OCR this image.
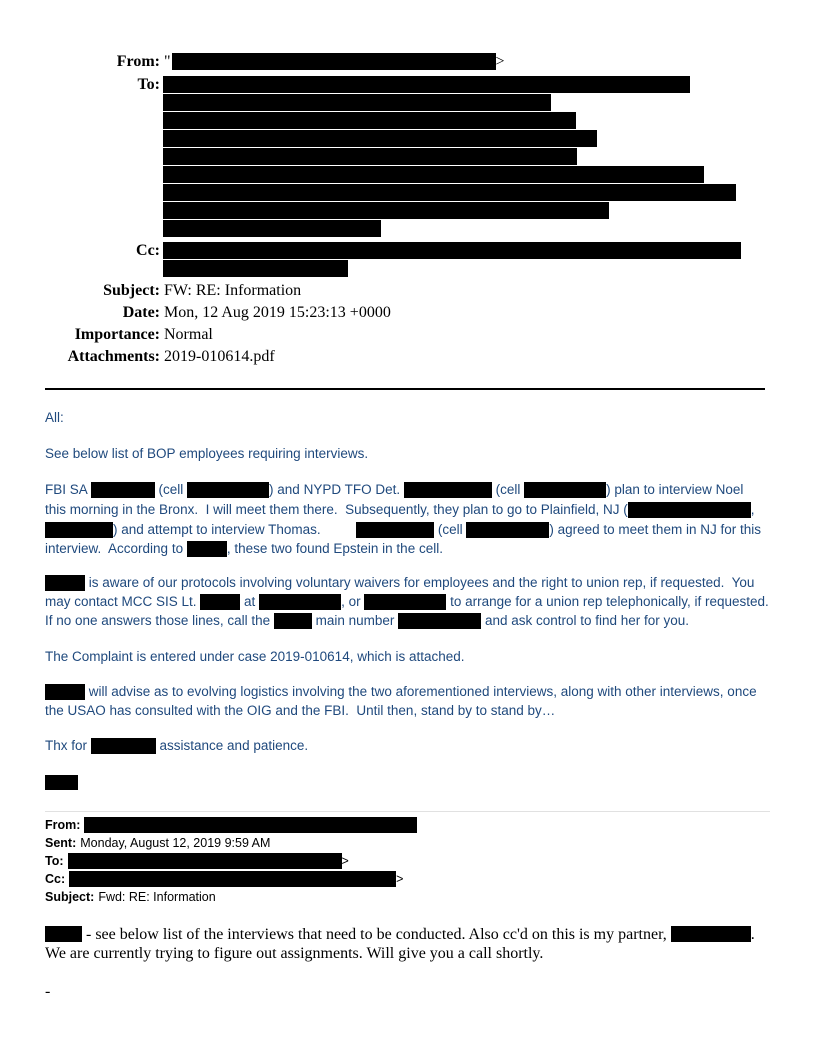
From: "	>
To:
Cc:
Subject: FW: RE: Information
Date: Mon, 12 Aug 2019 15:23:13 +0000
Importance: Normal
Attachments: 2019-010614.pdf
All:
See below list of BOP employees requiring interviews.
FBI SA	(cell	) and NYPD TFO Det.	(cell	) plan to interview Noel
this morning in the Bronx.  I will meet them there.  Subsequently, they plan to go to Plainfield, NJ (	,
) and attempt to interview Thomas.	(cell	) agreed to meet them in NJ for this
interview.  According to	, these two found Epstein in the cell.
is aware of our protocols involving voluntary waivers for employees and the right to union rep, if requested.  You
may contact MCC SIS Lt.	at	, or	to arrange for a union rep telephonically, if requested.
If no one answers those lines, call the	main number	and ask control to find her for you.
The Complaint is entered under case 2019-010614, which is attached.
will advise as to evolving logistics involving the two aforementioned interviews, along with other interviews, once
the USAO has consulted with the OIG and the FBI.  Until then, stand by to stand by…
Thx for	assistance and patience.
From:
Sent: Monday, August 12, 2019 9:59 AM
To:	>
Cc:	>
Subject: Fwd: RE: Information
- see below list of the interviews that need to be conducted. Also cc'd on this is my partner,	.
We are currently trying to figure out assignments. Will give you a call shortly.
-
